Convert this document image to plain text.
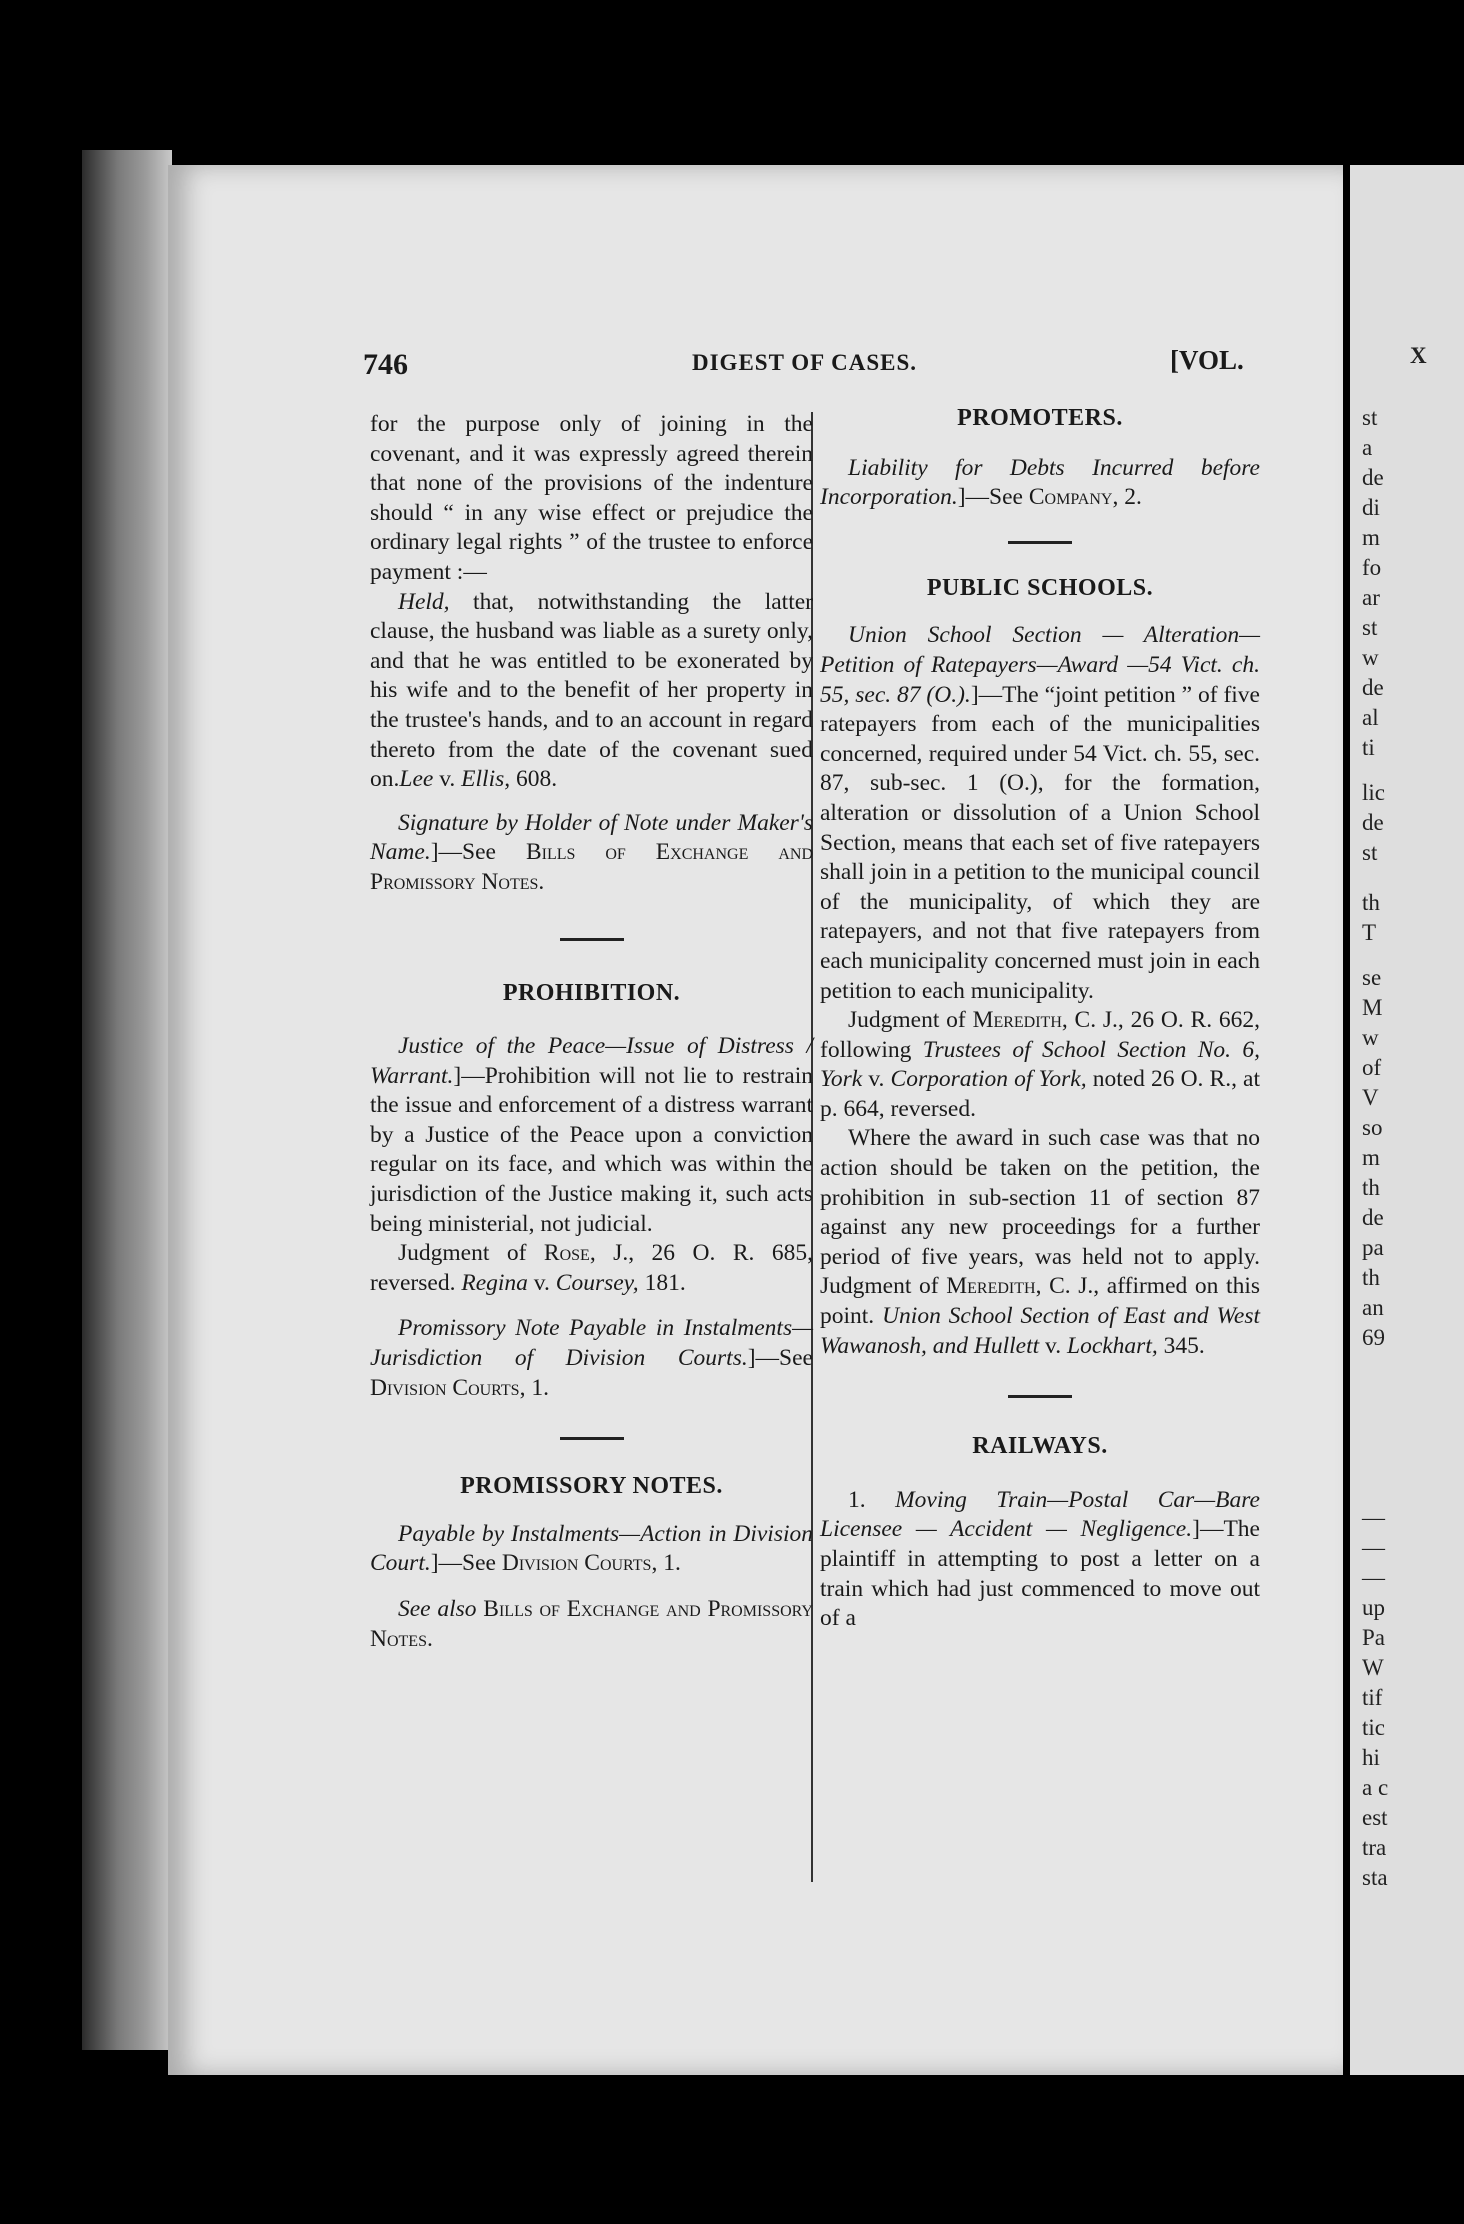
X
st
a
de
di
m
fo
ar
st
w
de
al
ti
lic
de
st
th
T
se
M
w
of
V
so
m
th
de
pa
th
an
69
—
—
—
up
Pa
W
tif
tic
hi
a c
est
tra
sta
746	DIGEST OF CASES.	[VOL.

for the purpose only of joining in the covenant, and it was expressly agreed therein that none of the provisions of the indenture should “ in any wise effect or prejudice the ordinary legal rights ” of the trustee to enforce payment :—

Held, that, notwithstanding the latter clause, the husband was liable as a surety only, and that he was entitled to be exonerated by his wife and to the benefit of her property in the trustee's hands, and to an account in regard thereto from the date of the covenant sued on.Lee v. Ellis, 608.

Signature by Holder of Note under Maker's Name.]—See Bills of Exchange and Promissory Notes.

PROHIBITION.

Justice of the Peace—Issue of Distress / Warrant.]—Prohibition will not lie to restrain the issue and enforcement of a distress warrant by a Justice of the Peace upon a conviction regular on its face, and which was within the jurisdiction of the Justice making it, such acts being ministerial, not judicial.

Judgment of Rose, J., 26 O. R. 685, reversed. Regina v. Coursey, 181.

Promissory Note Payable in Instalments—Jurisdiction of Division Courts.]—See Division Courts, 1.

PROMISSORY NOTES.

Payable by Instalments—Action in Division Court.]—See Division Courts, 1.

See also Bills of Exchange and Promissory Notes.

PROMOTERS.

Liability for Debts Incurred before Incorporation.]—See Company, 2.

PUBLIC SCHOOLS.

Union School Section — Alteration—Petition of Ratepayers—Award —54 Vict. ch. 55, sec. 87 (O.).]—The “joint petition ” of five ratepayers from each of the municipalities concerned, required under 54 Vict. ch. 55, sec. 87, sub-sec. 1 (O.), for the formation, alteration or dissolution of a Union School Section, means that each set of five ratepayers shall join in a petition to the municipal council of the municipality, of which they are ratepayers, and not that five ratepayers from each municipality concerned must join in each petition to each municipality.

Judgment of Meredith, C. J., 26 O. R. 662, following Trustees of School Section No. 6, York v. Corporation of York, noted 26 O. R., at p. 664, reversed.

Where the award in such case was that no action should be taken on the petition, the prohibition in sub-section 11 of section 87 against any new proceedings for a further period of five years, was held not to apply. Judgment of Meredith, C. J., affirmed on this point. Union School Section of East and West Wawanosh, and Hullett v. Lockhart, 345.

RAILWAYS.

1. Moving Train—Postal Car—Bare Licensee — Accident — Negligence.]—The plaintiff in attempting to post a letter on a train which had just commenced to move out of a
